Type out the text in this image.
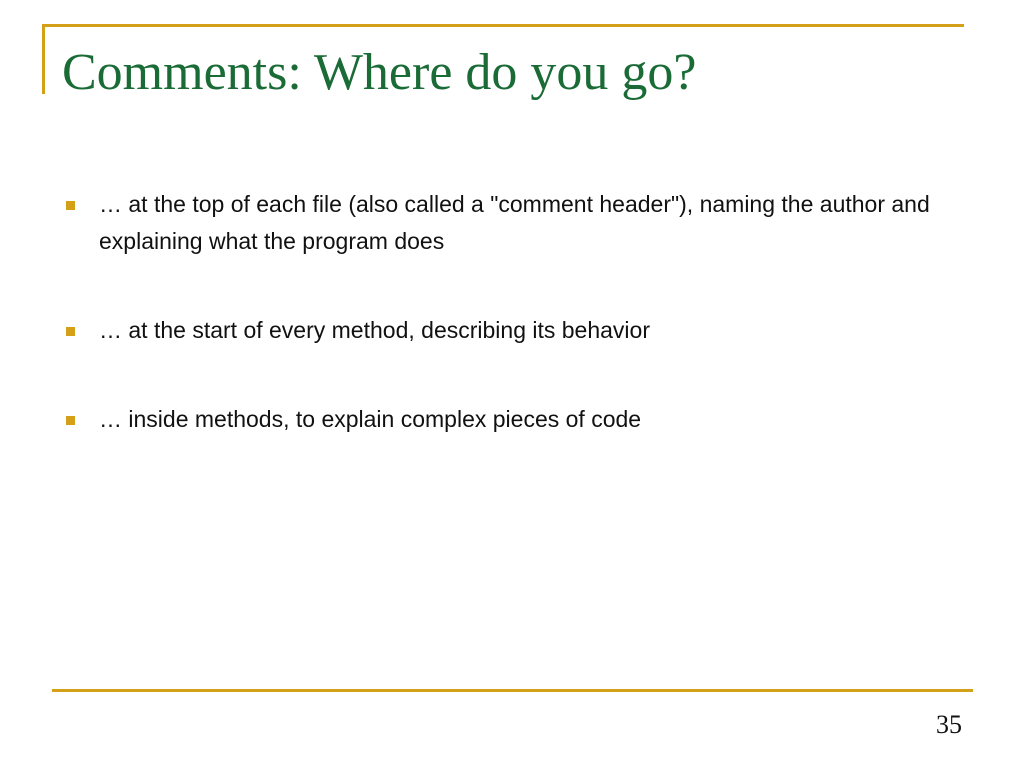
Comments: Where do you go?
… at the top of each file (also called a "comment header"), naming the author and explaining what the program does
… at the start of every method, describing its behavior
… inside methods, to explain complex pieces of code
35
